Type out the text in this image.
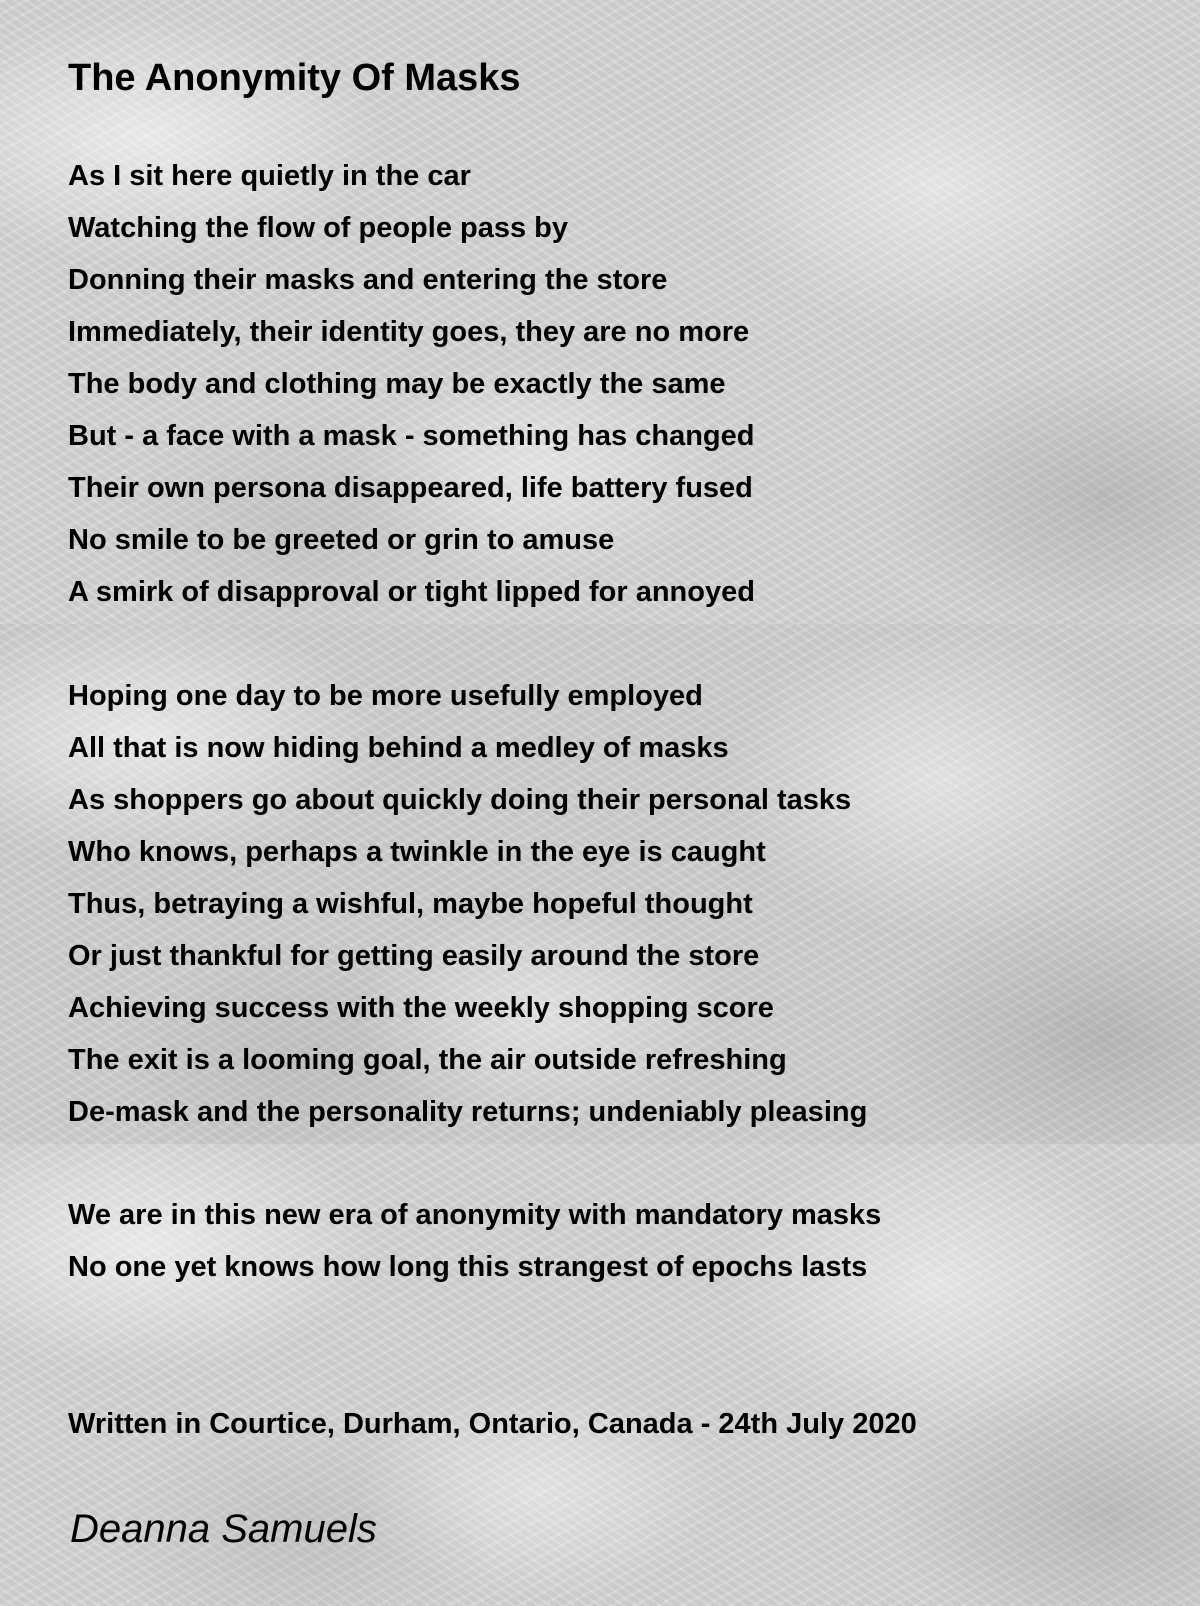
The Anonymity Of Masks
As I sit here quietly in the car
Watching the flow of people pass by
Donning their masks and entering the store
Immediately, their identity goes, they are no more
The body and clothing may be exactly the same
But - a face with a mask - something has changed
Their own persona disappeared, life battery fused
No smile to be greeted or grin to amuse
A smirk of disapproval or tight lipped for annoyed
Hoping one day to be more usefully employed
All that is now hiding behind a medley of masks
As shoppers go about quickly doing their personal tasks
Who knows, perhaps a twinkle in the eye is caught
Thus, betraying a wishful, maybe hopeful thought
Or just thankful for getting easily around the store
Achieving success with the weekly shopping score
The exit is a looming goal, the air outside refreshing
De-mask and the personality returns; undeniably pleasing
We are in this new era of anonymity with mandatory masks
No one yet knows how long this strangest of epochs lasts

Written in Courtice, Durham, Ontario, Canada - 24th July 2020

Deanna Samuels
